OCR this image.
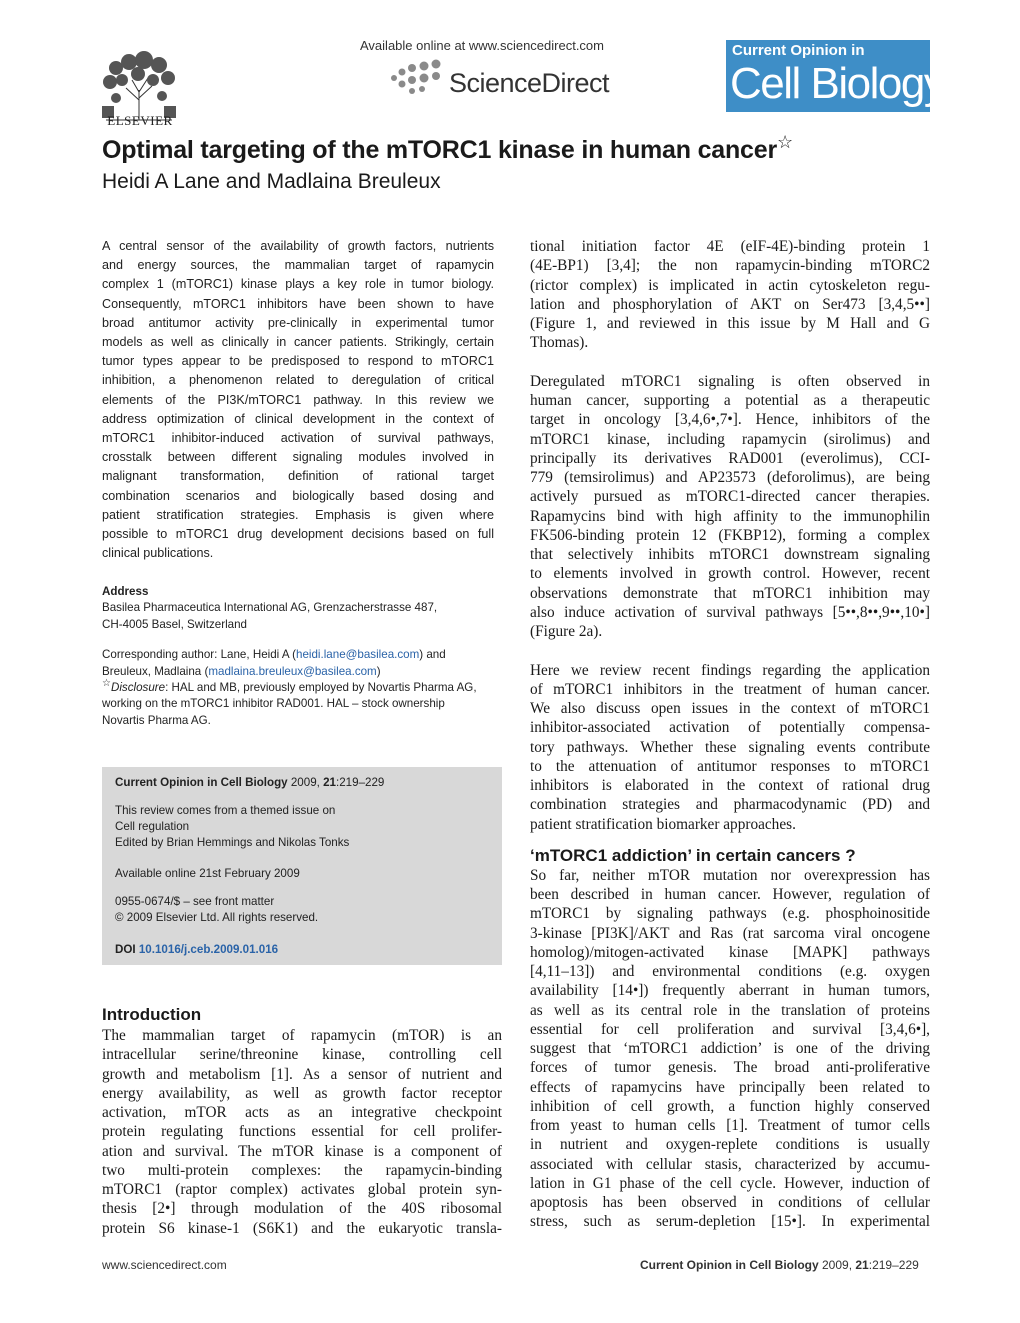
ELSEVIER
Available online at www.sciencedirect.com
ScienceDirect
Current Opinion in
Cell Biology
Optimal targeting of the mTORC1 kinase in human cancer☆
Heidi A Lane and Madlaina Breuleux
A central sensor of the availability of growth factors, nutrients
and energy sources, the mammalian target of rapamycin
complex 1 (mTORC1) kinase plays a key role in tumor biology.
Consequently, mTORC1 inhibitors have been shown to have
broad antitumor activity pre-clinically in experimental tumor
models as well as clinically in cancer patients. Strikingly, certain
tumor types appear to be predisposed to respond to mTORC1
inhibition, a phenomenon related to deregulation of critical
elements of the PI3K/mTORC1 pathway. In this review we
address optimization of clinical development in the context of
mTORC1 inhibitor-induced activation of survival pathways,
crosstalk between different signaling modules involved in
malignant transformation, definition of rational target
combination scenarios and biologically based dosing and
patient stratification strategies. Emphasis is given where
possible to mTORC1 drug development decisions based on full
clinical publications.
Address
Basilea Pharmaceutica International AG, Grenzacherstrasse 487,
CH-4005 Basel, Switzerland
Corresponding author: Lane, Heidi A (heidi.lane@basilea.com) and
Breuleux, Madlaina (madlaina.breuleux@basilea.com)
☆Disclosure: HAL and MB, previously employed by Novartis Pharma AG,
working on the mTORC1 inhibitor RAD001. HAL – stock ownership
Novartis Pharma AG.
Current Opinion in Cell Biology 2009, 21:219–229
This review comes from a themed issue on
Cell regulation
Edited by Brian Hemmings and Nikolas Tonks
Available online 21st February 2009
0955-0674/$ – see front matter
© 2009 Elsevier Ltd. All rights reserved.
DOI 10.1016/j.ceb.2009.01.016
Introduction
The mammalian target of rapamycin (mTOR) is an
intracellular serine/threonine kinase, controlling cell
growth and metabolism [1]. As a sensor of nutrient and
energy availability, as well as growth factor receptor
activation, mTOR acts as an integrative checkpoint
protein regulating functions essential for cell prolifer-
ation and survival. The mTOR kinase is a component of
two multi-protein complexes: the rapamycin-binding
mTORC1 (raptor complex) activates global protein syn-
thesis [2•] through modulation of the 40S ribosomal
protein S6 kinase-1 (S6K1) and the eukaryotic transla-
tional initiation factor 4E (eIF-4E)-binding protein 1
(4E-BP1) [3,4]; the non rapamycin-binding mTORC2
(rictor complex) is implicated in actin cytoskeleton regu-
lation and phosphorylation of AKT on Ser473 [3,4,5••]
(Figure 1, and reviewed in this issue by M Hall and G
Thomas).
Deregulated mTORC1 signaling is often observed in
human cancer, supporting a potential as a therapeutic
target in oncology [3,4,6•,7•]. Hence, inhibitors of the
mTORC1 kinase, including rapamycin (sirolimus) and
principally its derivatives RAD001 (everolimus), CCI-
779 (temsirolimus) and AP23573 (deforolimus), are being
actively pursued as mTORC1-directed cancer therapies.
Rapamycins bind with high affinity to the immunophilin
FK506-binding protein 12 (FKBP12), forming a complex
that selectively inhibits mTORC1 downstream signaling
to elements involved in growth control. However, recent
observations demonstrate that mTORC1 inhibition may
also induce activation of survival pathways [5••,8••,9••,10•]
(Figure 2a).
Here we review recent findings regarding the application
of mTORC1 inhibitors in the treatment of human cancer.
We also discuss open issues in the context of mTORC1
inhibitor-associated activation of potentially compensa-
tory pathways. Whether these signaling events contribute
to the attenuation of antitumor responses to mTORC1
inhibitors is elaborated in the context of rational drug
combination strategies and pharmacodynamic (PD) and
patient stratification biomarker approaches.
‘mTORC1 addiction’ in certain cancers ?
So far, neither mTOR mutation nor overexpression has
been described in human cancer. However, regulation of
mTORC1 by signaling pathways (e.g. phosphoinositide
3-kinase [PI3K]/AKT and Ras (rat sarcoma viral oncogene
homolog)/mitogen-activated kinase [MAPK] pathways
[4,11–13]) and environmental conditions (e.g. oxygen
availability [14•]) frequently aberrant in human tumors,
as well as its central role in the translation of proteins
essential for cell proliferation and survival [3,4,6•],
suggest that ‘mTORC1 addiction’ is one of the driving
forces of tumor genesis. The broad anti-proliferative
effects of rapamycins have principally been related to
inhibition of cell growth, a function highly conserved
from yeast to human cells [1]. Treatment of tumor cells
in nutrient and oxygen-replete conditions is usually
associated with cellular stasis, characterized by accumu-
lation in G1 phase of the cell cycle. However, induction of
apoptosis has been observed in conditions of cellular
stress, such as serum-depletion [15•]. In experimental
www.sciencedirect.com	Current Opinion in Cell Biology 2009, 21:219–229
